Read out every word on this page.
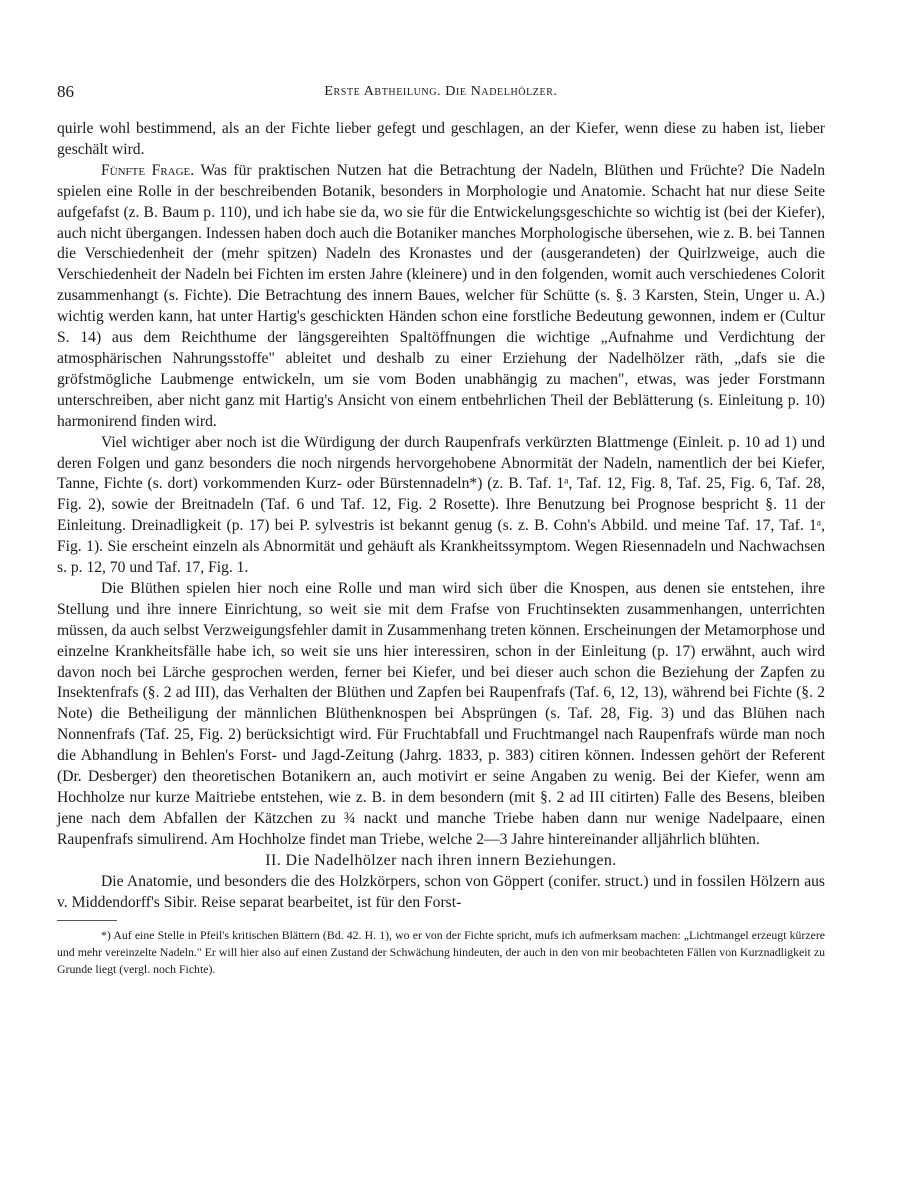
86	Erste Abtheilung. Die Nadelhölzer.

quirle wohl bestimmend, als an der Fichte lieber gefegt und geschlagen, an der Kiefer, wenn diese zu haben ist, lieber geschält wird.

Fünfte Frage. Was für praktischen Nutzen hat die Betrachtung der Nadeln, Blüthen und Früchte? Die Nadeln spielen eine Rolle in der beschreibenden Botanik, besonders in Morphologie und Anatomie. Schacht hat nur diese Seite aufgefafst (z. B. Baum p. 110), und ich habe sie da, wo sie für die Entwickelungsgeschichte so wichtig ist (bei der Kiefer), auch nicht übergangen. Indessen haben doch auch die Botaniker manches Morphologische übersehen, wie z. B. bei Tannen die Verschiedenheit der (mehr spitzen) Nadeln des Kronastes und der (ausgerandeten) der Quirlzweige, auch die Verschiedenheit der Nadeln bei Fichten im ersten Jahre (kleinere) und in den folgenden, womit auch verschiedenes Colorit zusammenhangt (s. Fichte). Die Betrachtung des innern Baues, welcher für Schütte (s. §. 3 Karsten, Stein, Unger u. A.) wichtig werden kann, hat unter Hartig's geschickten Händen schon eine forstliche Bedeutung gewonnen, indem er (Cultur S. 14) aus dem Reichthume der längsgereihten Spaltöffnungen die wichtige „Aufnahme und Verdichtung der atmosphärischen Nahrungsstoffe" ableitet und deshalb zu einer Erziehung der Nadelhölzer räth, „dafs sie die gröfstmögliche Laubmenge entwickeln, um sie vom Boden unabhängig zu machen", etwas, was jeder Forstmann unterschreiben, aber nicht ganz mit Hartig's Ansicht von einem entbehrlichen Theil der Beblätterung (s. Einleitung p. 10) harmonirend finden wird.

Viel wichtiger aber noch ist die Würdigung der durch Raupenfrafs verkürzten Blattmenge (Einleit. p. 10 ad 1) und deren Folgen und ganz besonders die noch nirgends hervorgehobene Abnormität der Nadeln, namentlich der bei Kiefer, Tanne, Fichte (s. dort) vorkommenden Kurz- oder Bürstennadeln*) (z. B. Taf. 1ᵃ, Taf. 12, Fig. 8, Taf. 25, Fig. 6, Taf. 28, Fig. 2), sowie der Breitnadeln (Taf. 6 und Taf. 12, Fig. 2 Rosette). Ihre Benutzung bei Prognose bespricht §. 11 der Einleitung. Dreinadligkeit (p. 17) bei P. sylvestris ist bekannt genug (s. z. B. Cohn's Abbild. und meine Taf. 17, Taf. 1ᵃ, Fig. 1). Sie erscheint einzeln als Abnormität und gehäuft als Krankheitssymptom. Wegen Riesennadeln und Nachwachsen s. p. 12, 70 und Taf. 17, Fig. 1.

Die Blüthen spielen hier noch eine Rolle und man wird sich über die Knospen, aus denen sie entstehen, ihre Stellung und ihre innere Einrichtung, so weit sie mit dem Frafse von Fruchtinsekten zusammenhangen, unterrichten müssen, da auch selbst Verzweigungsfehler damit in Zusammenhang treten können. Erscheinungen der Metamorphose und einzelne Krankheitsfälle habe ich, so weit sie uns hier interessiren, schon in der Einleitung (p. 17) erwähnt, auch wird davon noch bei Lärche gesprochen werden, ferner bei Kiefer, und bei dieser auch schon die Beziehung der Zapfen zu Insektenfrafs (§. 2 ad III), das Verhalten der Blüthen und Zapfen bei Raupenfrafs (Taf. 6, 12, 13), während bei Fichte (§. 2 Note) die Betheiligung der männlichen Blüthenknospen bei Absprüngen (s. Taf. 28, Fig. 3) und das Blühen nach Nonnenfrafs (Taf. 25, Fig. 2) berücksichtigt wird. Für Fruchtabfall und Fruchtmangel nach Raupenfrafs würde man noch die Abhandlung in Behlen's Forst- und Jagd-Zeitung (Jahrg. 1833, p. 383) citiren können. Indessen gehört der Referent (Dr. Desberger) den theoretischen Botanikern an, auch motivirt er seine Angaben zu wenig. Bei der Kiefer, wenn am Hochholze nur kurze Maitriebe entstehen, wie z. B. in dem besondern (mit §. 2 ad III citirten) Falle des Besens, bleiben jene nach dem Abfallen der Kätzchen zu ¾ nackt und manche Triebe haben dann nur wenige Nadelpaare, einen Raupenfrafs simulirend. Am Hochholze findet man Triebe, welche 2—3 Jahre hintereinander alljährlich blühten.

II. Die Nadelhölzer nach ihren innern Beziehungen.

Die Anatomie, und besonders die des Holzkörpers, schon von Göppert (conifer. struct.) und in fossilen Hölzern aus v. Middendorff's Sibir. Reise separat bearbeitet, ist für den Forst-

*) Auf eine Stelle in Pfeil's kritischen Blättern (Bd. 42. H. 1), wo er von der Fichte spricht, mufs ich aufmerksam machen: „Lichtmangel erzeugt kürzere und mehr vereinzelte Nadeln." Er will hier also auf einen Zustand der Schwächung hindeuten, der auch in den von mir beobachteten Fällen von Kurznadligkeit zu Grunde liegt (vergl. noch Fichte).
